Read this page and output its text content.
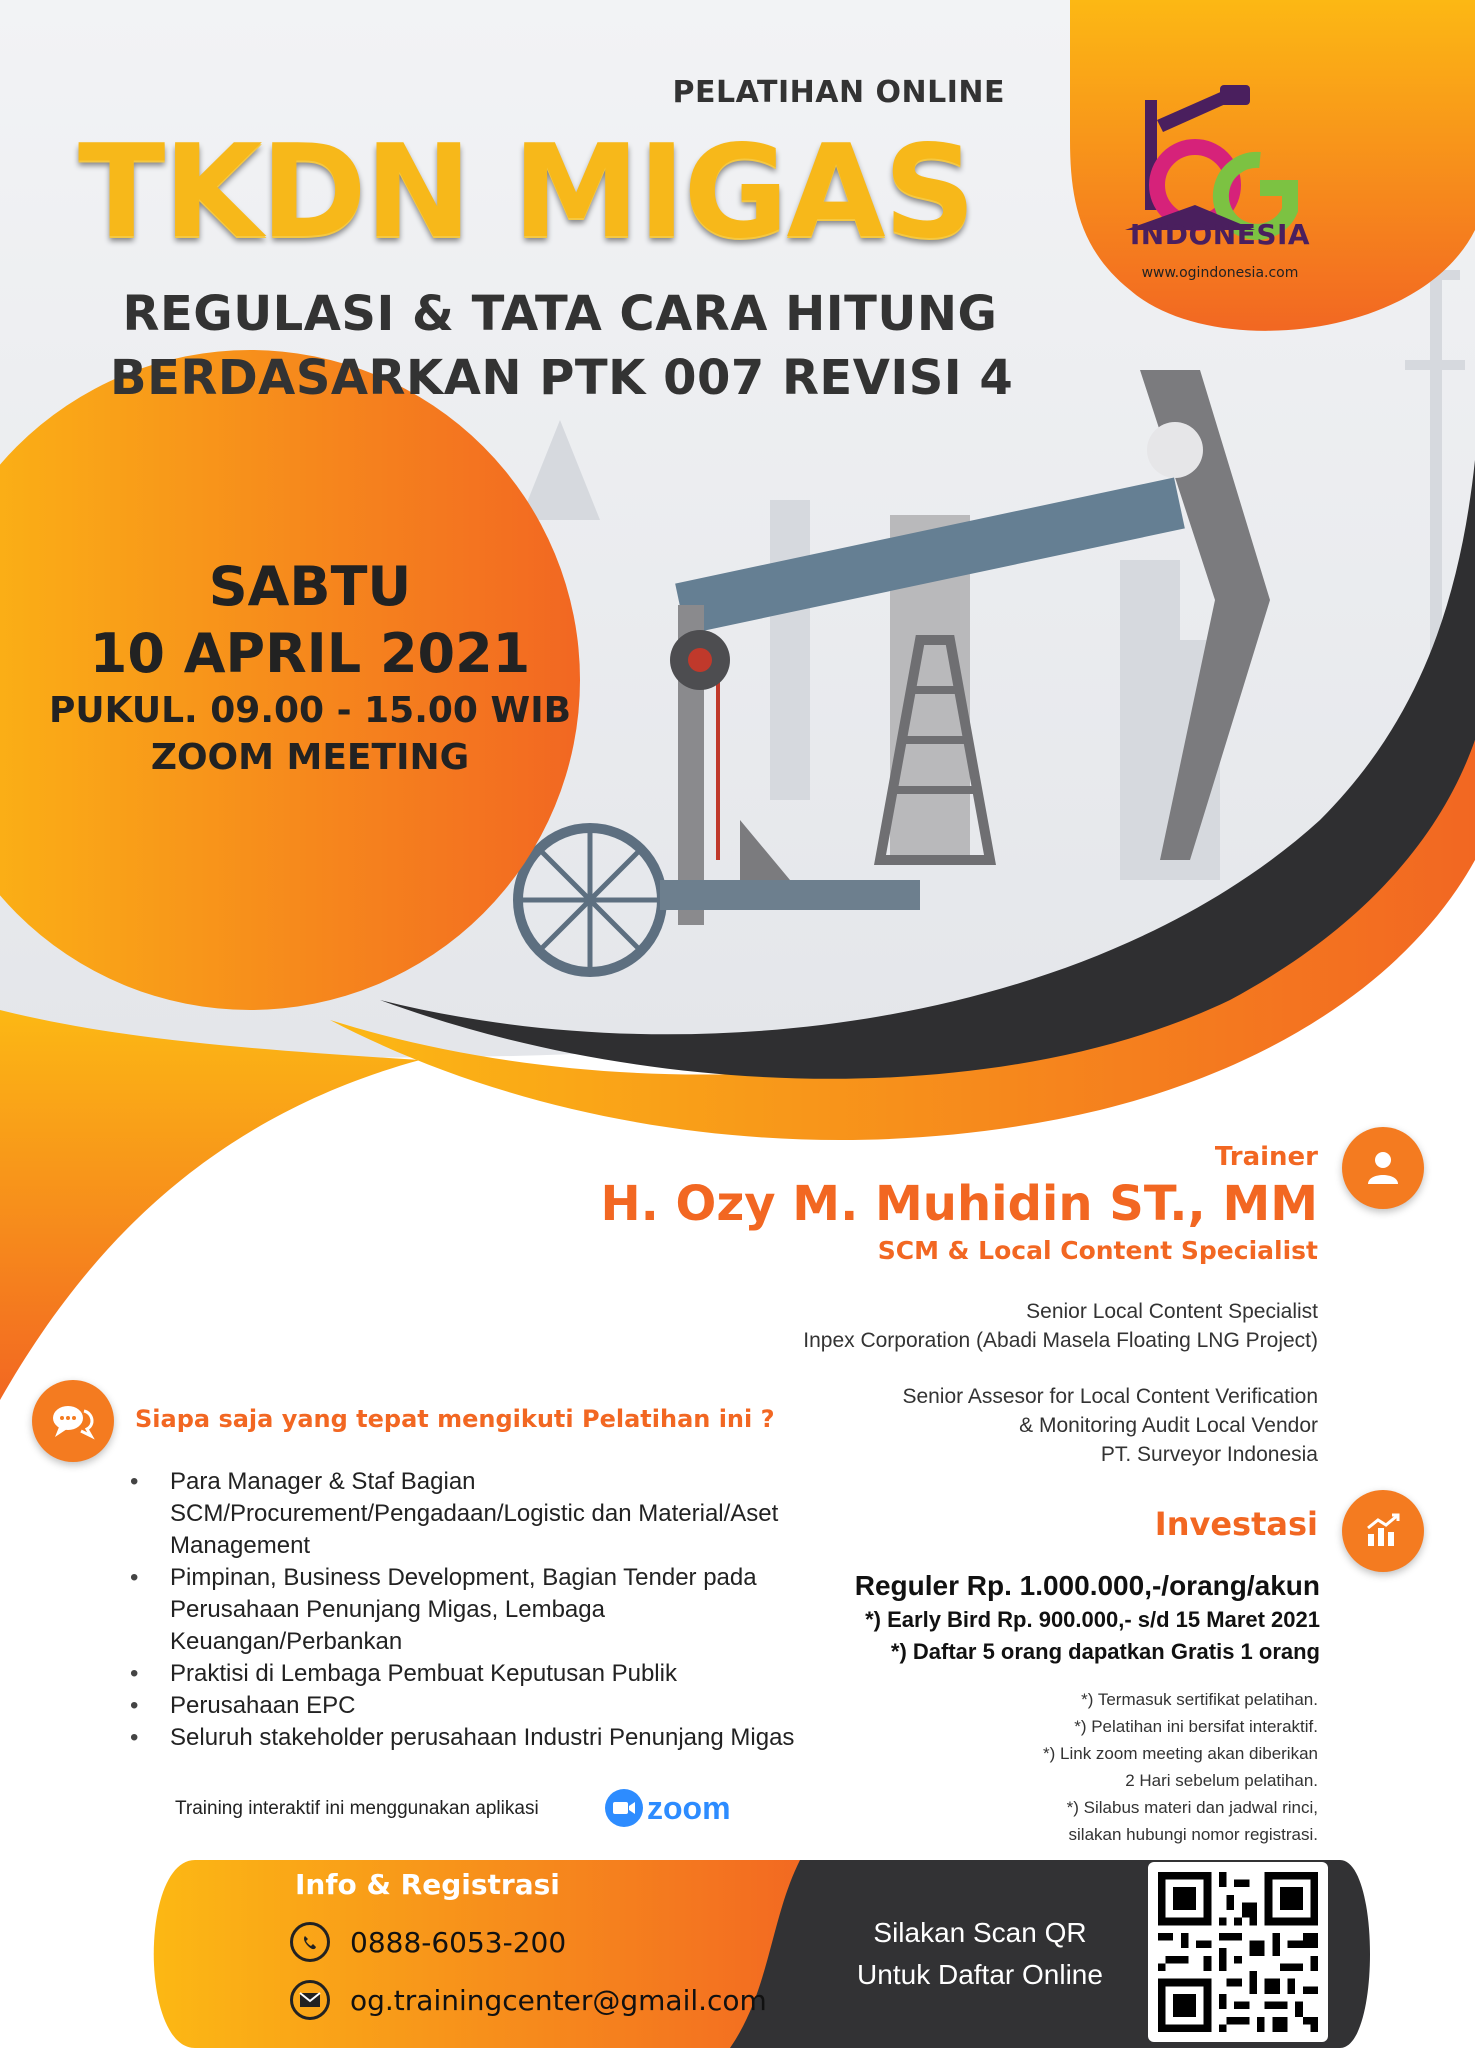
PELATIHAN ONLINE
TKDN MIGAS
REGULASI & TATA CARA HITUNG
BERDASARKAN PTK 007 REVISI 4
INDONESIA
www.ogindonesia.com
SABTU
10 APRIL 2021
PUKUL. 09.00 - 15.00 WIB
ZOOM MEETING
Trainer
H. Ozy M. Muhidin ST., MM
SCM & Local Content Specialist
Senior Local Content Specialist
Inpex Corporation (Abadi Masela Floating LNG Project)
Senior Assesor for Local Content Verification
& Monitoring Audit Local Vendor
PT. Surveyor Indonesia
Investasi
Reguler Rp. 1.000.000,-/orang/akun
*) Early Bird Rp. 900.000,- s/d 15 Maret 2021
*) Daftar 5 orang dapatkan Gratis 1 orang
*) Termasuk sertifikat pelatihan.
*) Pelatihan ini bersifat interaktif.
*) Link zoom meeting akan diberikan
2 Hari sebelum pelatihan.
*) Silabus materi dan jadwal rinci,
silakan hubungi nomor registrasi.
Siapa saja yang tepat mengikuti Pelatihan ini ?
• Para Manager & Staf Bagian SCM/Procurement/Pengadaan/Logistic dan Material/Aset Management
• Pimpinan, Business Development, Bagian Tender pada Perusahaan Penunjang Migas, Lembaga Keuangan/Perbankan
• Praktisi di Lembaga Pembuat Keputusan Publik
• Perusahaan EPC
• Seluruh stakeholder perusahaan Industri Penunjang Migas
Training interaktif ini menggunakan aplikasi	zoom
Info & Registrasi
0888-6053-200
og.trainingcenter@gmail.com
Silakan Scan QR
Untuk Daftar Online
